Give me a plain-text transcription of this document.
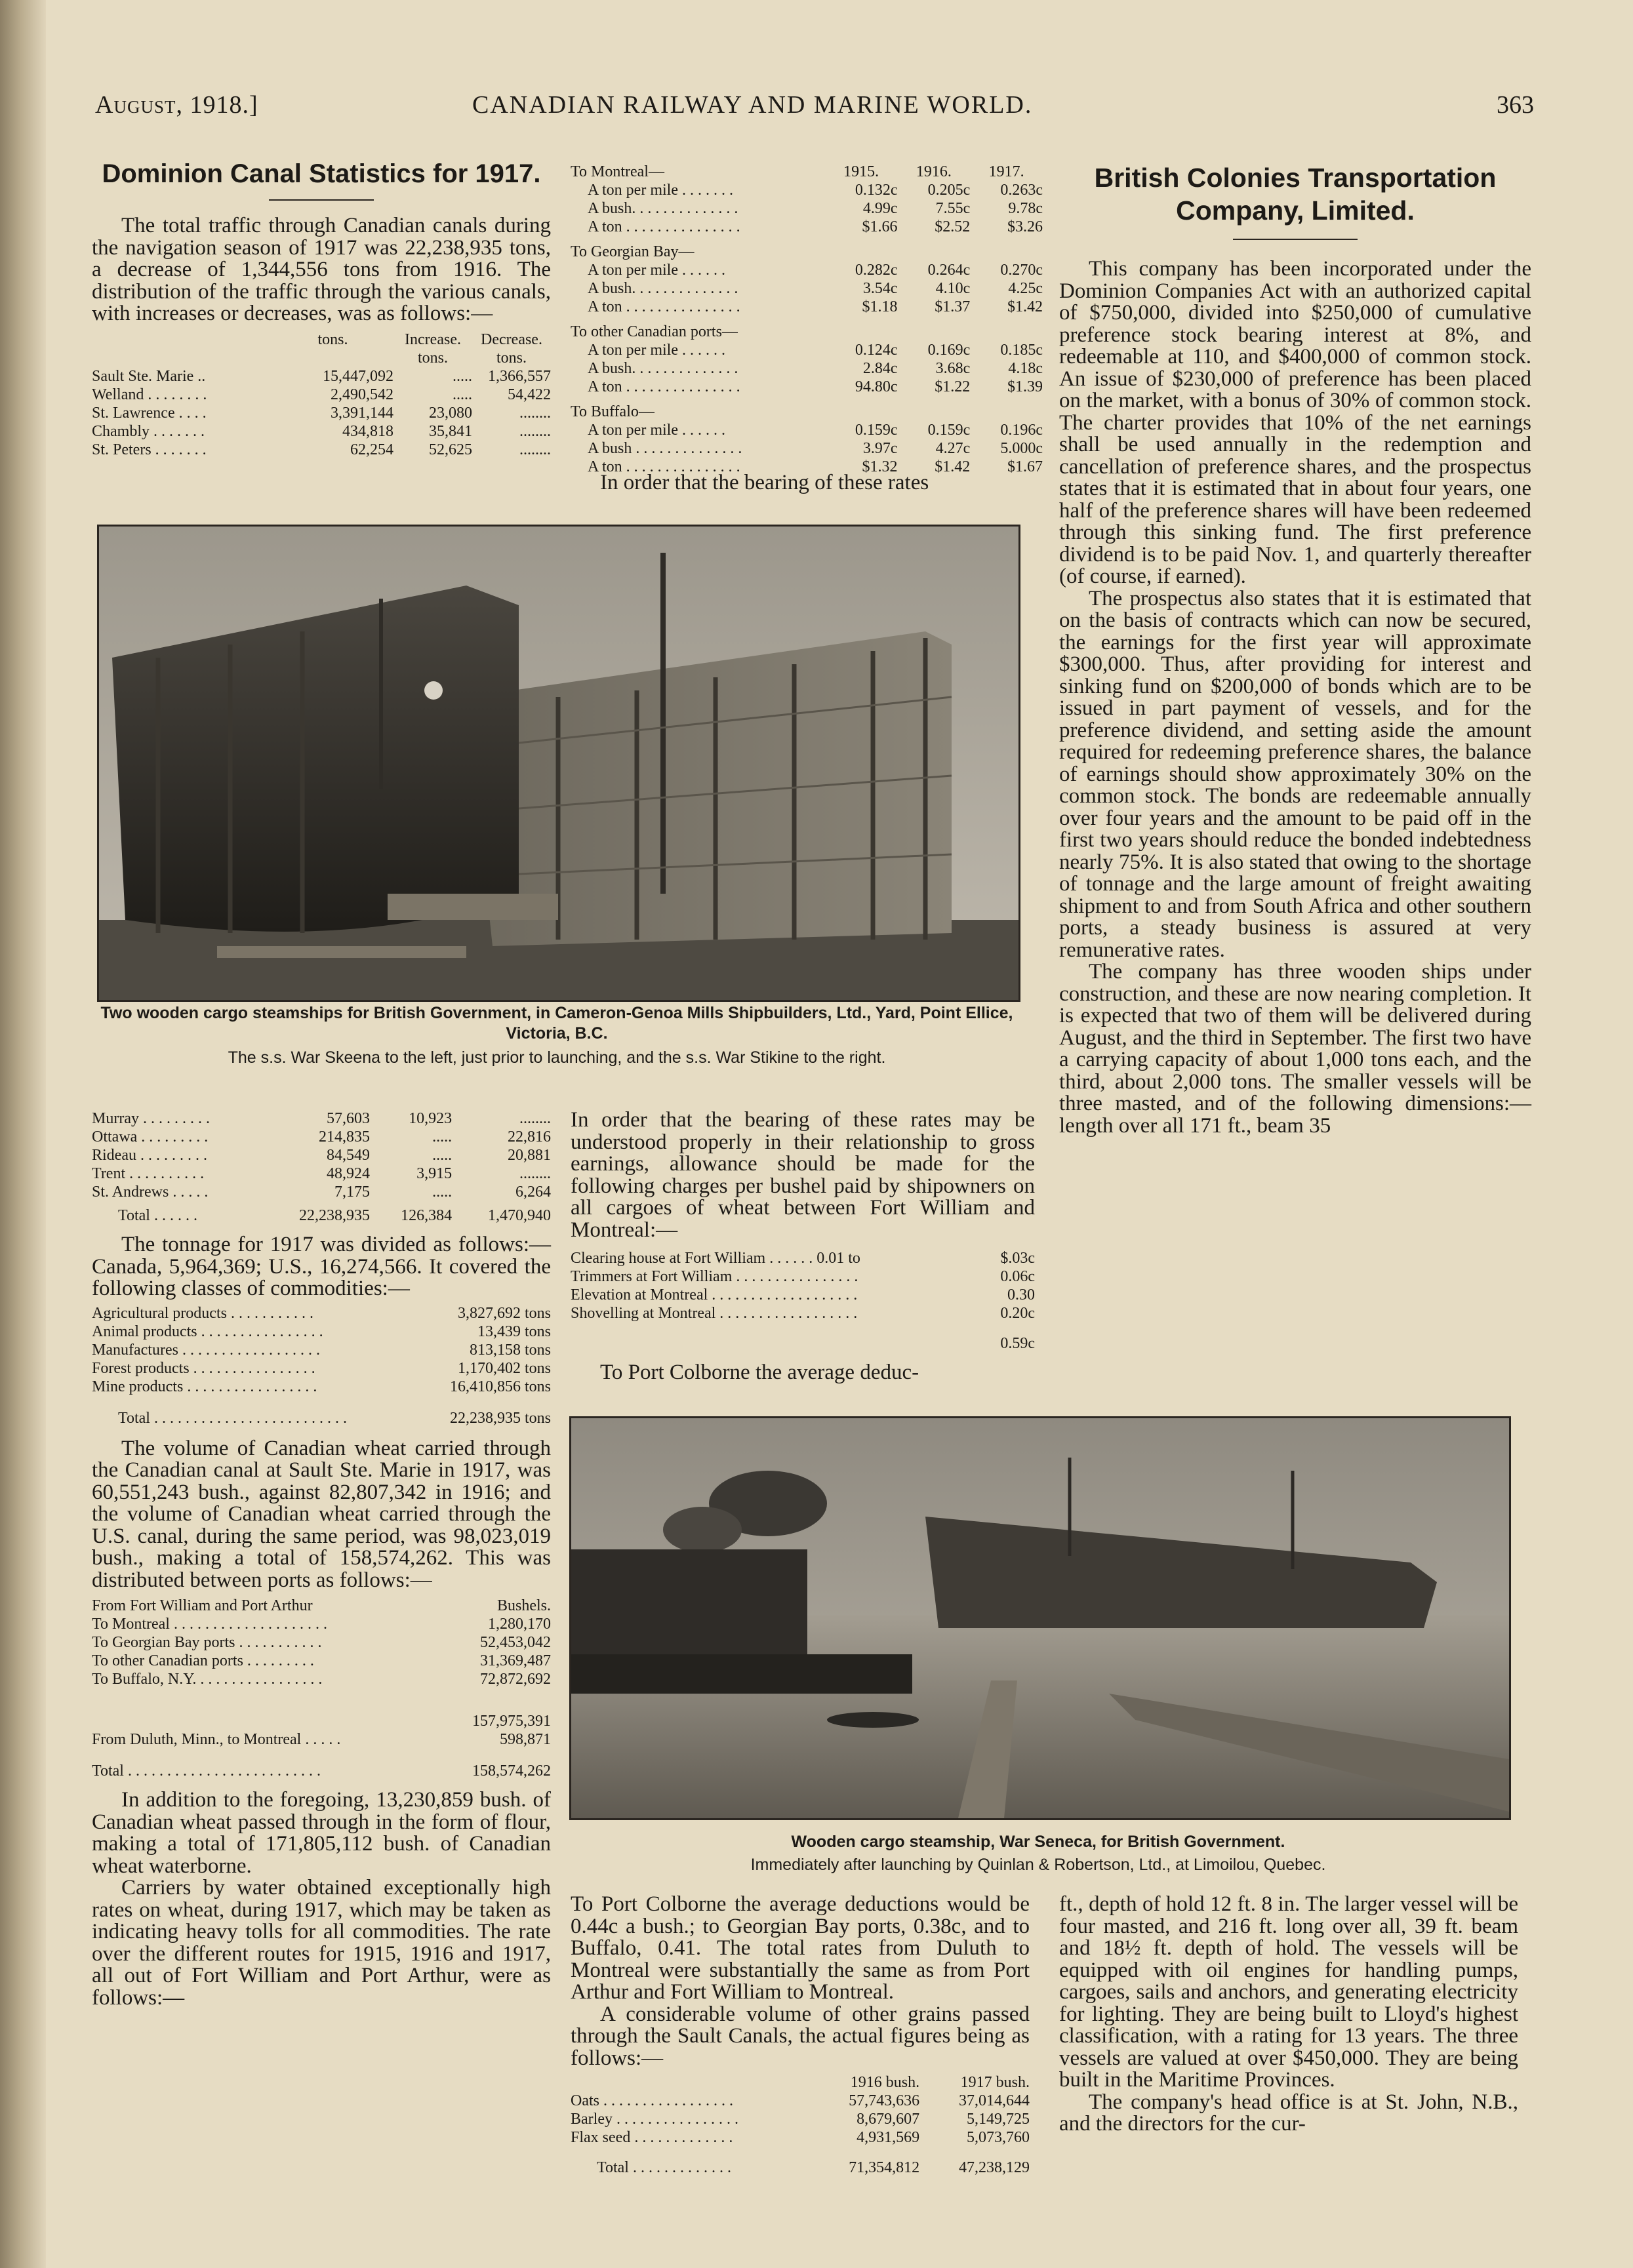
August, 1918.]	CANADIAN RAILWAY AND MARINE WORLD.	363
Dominion Canal Statistics for 1917.

The total traffic through Canadian canals during the navigation season of 1917 was 22,238,935 tons, a decrease of 1,344,556 tons from 1916. The distribution of the traffic through the various canals, with increases or decreases, was as follows:—

	tons.	Increase. tons.	Decrease. tons.
Sault Ste. Marie ..	15,447,092	.....	1,366,557
Welland . . . . . . . .	2,490,542	.....	54,422
St. Lawrence . . . .	3,391,144	23,080	........
Chambly . . . . . . .	434,818	35,841	........
St. Peters . . . . . . .	62,254	52,625	........
To Montreal—	1915.	1916.	1917.
A ton per mile . . . . . . .	0.132c	0.205c	0.263c
A bush. . . . . . . . . . . . . .	4.99c	7.55c	9.78c
A ton . . . . . . . . . . . . . . .	$1.66	$2.52	$3.26
To Georgian Bay—			
A ton per mile . . . . . .	0.282c	0.264c	0.270c
A bush. . . . . . . . . . . . . .	3.54c	4.10c	4.25c
A ton . . . . . . . . . . . . . . .	$1.18	$1.37	$1.42
To other Canadian ports—			
A ton per mile . . . . . .	0.124c	0.169c	0.185c
A bush. . . . . . . . . . . . . .	2.84c	3.68c	4.18c
A ton . . . . . . . . . . . . . . .	94.80c	$1.22	$1.39
To Buffalo—			
A ton per mile . . . . . .	0.159c	0.159c	0.196c
A bush . . . . . . . . . . . . . .	3.97c	4.27c	5.000c
A ton . . . . . . . . . . . . . . .	$1.32	$1.42	$1.67
British Colonies Transportation Company, Limited.

This company has been incorporated under the Dominion Companies Act with an authorized capital of $750,000, divided into $250,000 of cumulative preference stock bearing interest at 8%, and redeemable at 110, and $400,000 of common stock. An issue of $230,000 of preference has been placed on the market, with a bonus of 30% of common stock. The charter provides that 10% of the net earnings shall be used annually in the redemption and cancellation of preference shares, and the prospectus states that it is estimated that in about four years, one half of the preference shares will have been redeemed through this sinking fund. The first preference dividend is to be paid Nov. 1, and quarterly thereafter (of course, if earned).

The prospectus also states that it is estimated that on the basis of contracts which can now be secured, the earnings for the first year will approximate $300,000. Thus, after providing for interest and sinking fund on $200,000 of bonds which are to be issued in part payment of vessels, and for the preference dividend, and setting aside the amount required for redeeming preference shares, the balance of earnings should show approximately 30% on the common stock. The bonds are redeemable annually over four years and the amount to be paid off in the first two years should reduce the bonded indebtedness nearly 75%. It is also stated that owing to the shortage of tonnage and the large amount of freight awaiting shipment to and from South Africa and other southern ports, a steady business is assured at very remunerative rates.

The company has three wooden ships under construction, and these are now nearing completion. It is expected that two of them will be delivered during August, and the third in September. The first two have a carrying capacity of about 1,000 tons each, and the third, about 2,000 tons. The smaller vessels will be three masted, and of the following dimensions:—length over all 171 ft., beam 35

Two wooden cargo steamships for British Government, in Cameron-Genoa Mills Shipbuilders, Ltd., Yard, Point Ellice, Victoria, B.C.
The s.s. War Skeena to the left, just prior to launching, and the s.s. War Stikine to the right.
Murray . . . . . . . . .	57,603	10,923	........
Ottawa . . . . . . . . .	214,835	.....	22,816
Rideau . . . . . . . . .	84,549	.....	20,881
Trent . . . . . . . . . .	48,924	3,915	........
St. Andrews . . . . .	7,175	.....	6,264
Total . . . . . .	22,238,935	126,384	1,470,940

The tonnage for 1917 was divided as follows:—Canada, 5,964,369; U.S., 16,274,566. It covered the following classes of commodities:—

Agricultural products . . . . . . . . . . .	3,827,692 tons
Animal products . . . . . . . . . . . . . . . .	13,439 tons
Manufactures . . . . . . . . . . . . . . . . . .	813,158 tons
Forest products . . . . . . . . . . . . . . . .	1,170,402 tons
Mine products . . . . . . . . . . . . . . . . .	16,410,856 tons
Total . . . . . . . . . . . . . . . . . . . . . . . . .	22,238,935 tons

The volume of Canadian wheat carried through the Canadian canal at Sault Ste. Marie in 1917, was 60,551,243 bush., against 82,807,342 in 1916; and the volume of Canadian wheat carried through the U.S. canal, during the same period, was 98,023,019 bush., making a total of 158,574,262. This was distributed between ports as follows:—

From Fort William and Port Arthur	Bushels.
To Montreal . . . . . . . . . . . . . . . . . . . .	1,280,170
To Georgian Bay ports . . . . . . . . . . .	52,453,042
To other Canadian ports . . . . . . . . .	31,369,487
To Buffalo, N.Y. . . . . . . . . . . . . . . . .	72,872,692
	157,975,391
From Duluth, Minn., to Montreal . . . . .	598,871
Total . . . . . . . . . . . . . . . . . . . . . . . . .	158,574,262

In addition to the foregoing, 13,230,859 bush. of Canadian wheat passed through in the form of flour, making a total of 171,805,112 bush. of Canadian wheat waterborne.

Carriers by water obtained exceptionally high rates on wheat, during 1917, which may be taken as indicating heavy tolls for all commodities. The rate over the different routes for 1915, 1916 and 1917, all out of Fort William and Port Arthur, were as follows:—

In order that the bearing of these rates

In order that the bearing of these rates may be understood properly in their relationship to gross earnings, allowance should be made for the following charges per bushel paid by shipowners on all cargoes of wheat between Fort William and Montreal:—

Clearing house at Fort William . . . . . . 0.01 to	$.03c
Trimmers at Fort William . . . . . . . . . . . . . . . .	0.06c
Elevation at Montreal . . . . . . . . . . . . . . . . . . .	0.30
Shovelling at Montreal . . . . . . . . . . . . . . . . . .	0.20c
	0.59c

To Port Colborne the average deduc-

Wooden cargo steamship, War Seneca, for British Government.
Immediately after launching by Quinlan & Robertson, Ltd., at Limoilou, Quebec.

To Port Colborne the average deductions would be 0.44c a bush.; to Georgian Bay ports, 0.38c, and to Buffalo, 0.41. The total rates from Duluth to Montreal were substantially the same as from Port Arthur and Fort William to Montreal.

A considerable volume of other grains passed through the Sault Canals, the actual figures being as follows:—

	1916 bush.	1917 bush.
Oats . . . . . . . . . . . . . . . . .	57,743,636	37,014,644
Barley . . . . . . . . . . . . . . . .	8,679,607	5,149,725
Flax seed . . . . . . . . . . . . .	4,931,569	5,073,760
Total . . . . . . . . . . . . .	71,354,812	47,238,129

ft., depth of hold 12 ft. 8 in. The larger vessel will be four masted, and 216 ft. long over all, 39 ft. beam and 18½ ft. depth of hold. The vessels will be equipped with oil engines for handling pumps, cargoes, sails and anchors, and generating electricity for lighting. They are being built to Lloyd's highest classification, with a rating for 13 years. The three vessels are valued at over $450,000. They are being built in the Maritime Provinces.

The company's head office is at St. John, N.B., and the directors for the cur-
